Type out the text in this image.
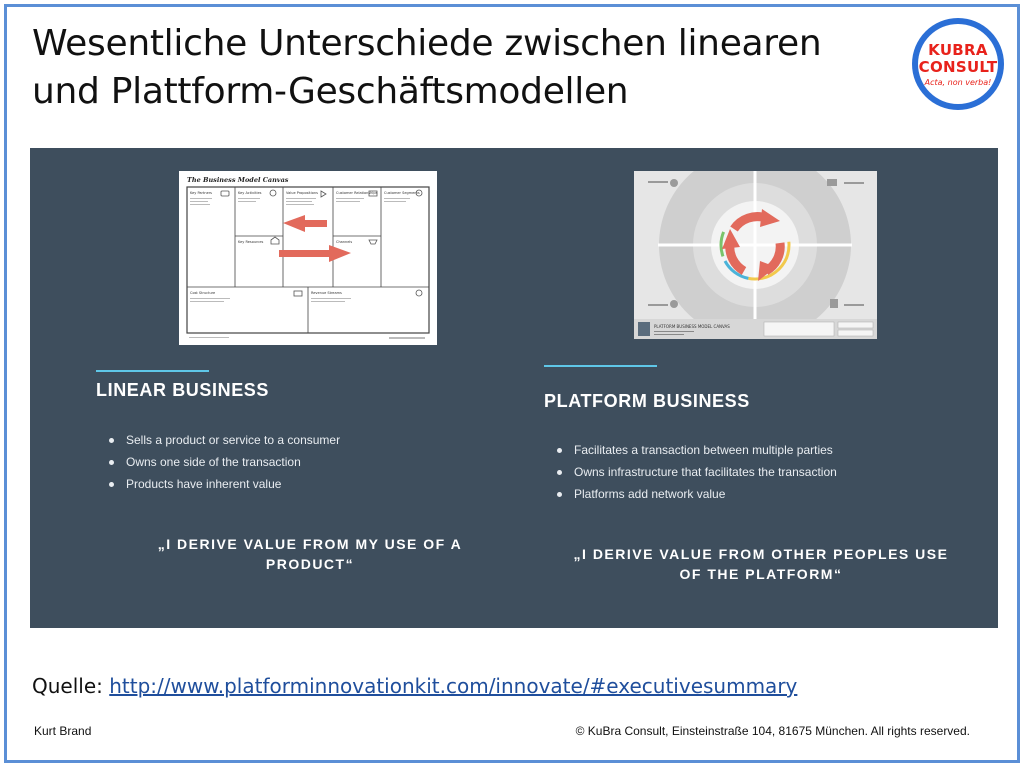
Wesentliche Unterschiede zwischen linearen und Plattform-Geschäftsmodellen
KUBRA
CONSULT
Acta, non verba!
The Business Model Canvas
Key Partners	Key Activities	Value Propositions	Customer Relationships Customer Segments
Key Resources	Channels
Cost Structure	Revenue Streams
PLATFORM BUSINESS MODEL CANVAS
LINEAR BUSINESS
Sells a product or service to a consumer
Owns one side of the transaction
Products have inherent value
„I DERIVE VALUE FROM MY USE OF A
PRODUCT“
PLATFORM BUSINESS
Facilitates a transaction between multiple parties
Owns infrastructure that facilitates the transaction
Platforms add network value
„I DERIVE VALUE FROM OTHER PEOPLES USE
OF THE PLATFORM“
Quelle: http://www.platforminnovationkit.com/innovate/#executivesummary
Kurt Brand	© KuBra Consult, Einsteinstraße 104, 81675 München. All rights reserved.
